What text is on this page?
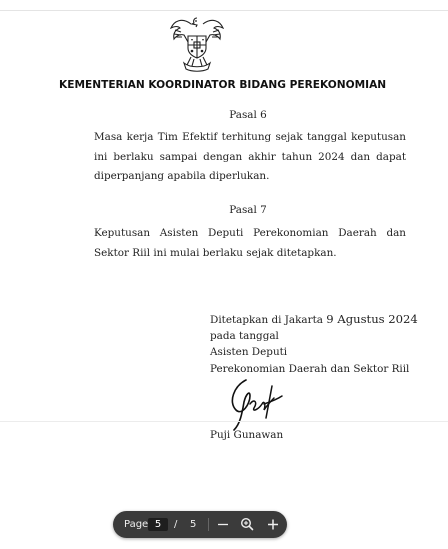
KEMENTERIAN KOORDINATOR BIDANG PEREKONOMIAN
Pasal 6
Masa kerja Tim Efektif terhitung sejak tanggal keputusan ini berlaku sampai dengan akhir tahun 2024 dan dapat diperpanjang apabila diperlukan.
Pasal 7
Keputusan Asisten Deputi Perekonomian Daerah dan Sektor Riil ini mulai berlaku sejak ditetapkan.
Ditetapkan di Jakarta 9 Agustus 2024
pada tanggal
Asisten Deputi
Perekonomian Daerah dan Sektor Riil
Puji Gunawan
Page 5	/ 5
